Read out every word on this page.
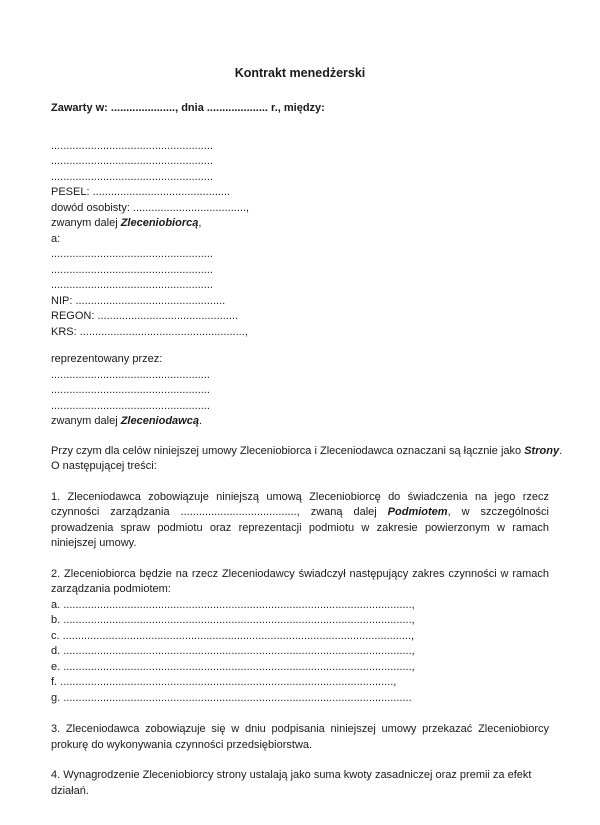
Kontrakt menedżerski
Zawarty w: ....................., dnia .................... r., między:
.....................................................
.....................................................
.....................................................
PESEL: .............................................
dowód osobisty: .....................................,
zwanym dalej Zleceniobiorcą,
a:
.....................................................
.....................................................
.....................................................
NIP: .................................................
REGON: ..............................................
KRS: ......................................................,
reprezentowany przez:
....................................................
....................................................
....................................................
zwanym dalej Zleceniodawcą.
Przy czym dla celów niniejszej umowy Zleceniobiorca i Zleceniodawca oznaczani są łącznie jako Strony.
O następującej treści:
1. Zleceniodawca zobowiązuje niniejszą umową Zleceniobiorcę do świadczenia na jego rzecz czynności zarządzania ......................................, zwaną dalej Podmiotem, w szczególności prowadzenia spraw podmiotu oraz reprezentacji podmiotu w zakresie powierzonym w ramach niniejszej umowy.
2. Zleceniobiorca będzie na rzecz Zleceniodawcy świadczył następujący zakres czynności w ramach zarządzania podmiotem:
a. ..................................................................................................................,
b. ..................................................................................................................,
c. ..................................................................................................................,
d. ..................................................................................................................,
e. ..................................................................................................................,
f. .............................................................................................................,
g. ..................................................................................................................
3. Zleceniodawca zobowiązuje się w dniu podpisania niniejszej umowy przekazać Zleceniobiorcy prokurę do wykonywania czynności przedsiębiorstwa.
4. Wynagrodzenie Zleceniobiorcy strony ustalają jako suma kwoty zasadniczej oraz premii za efekt działań.
